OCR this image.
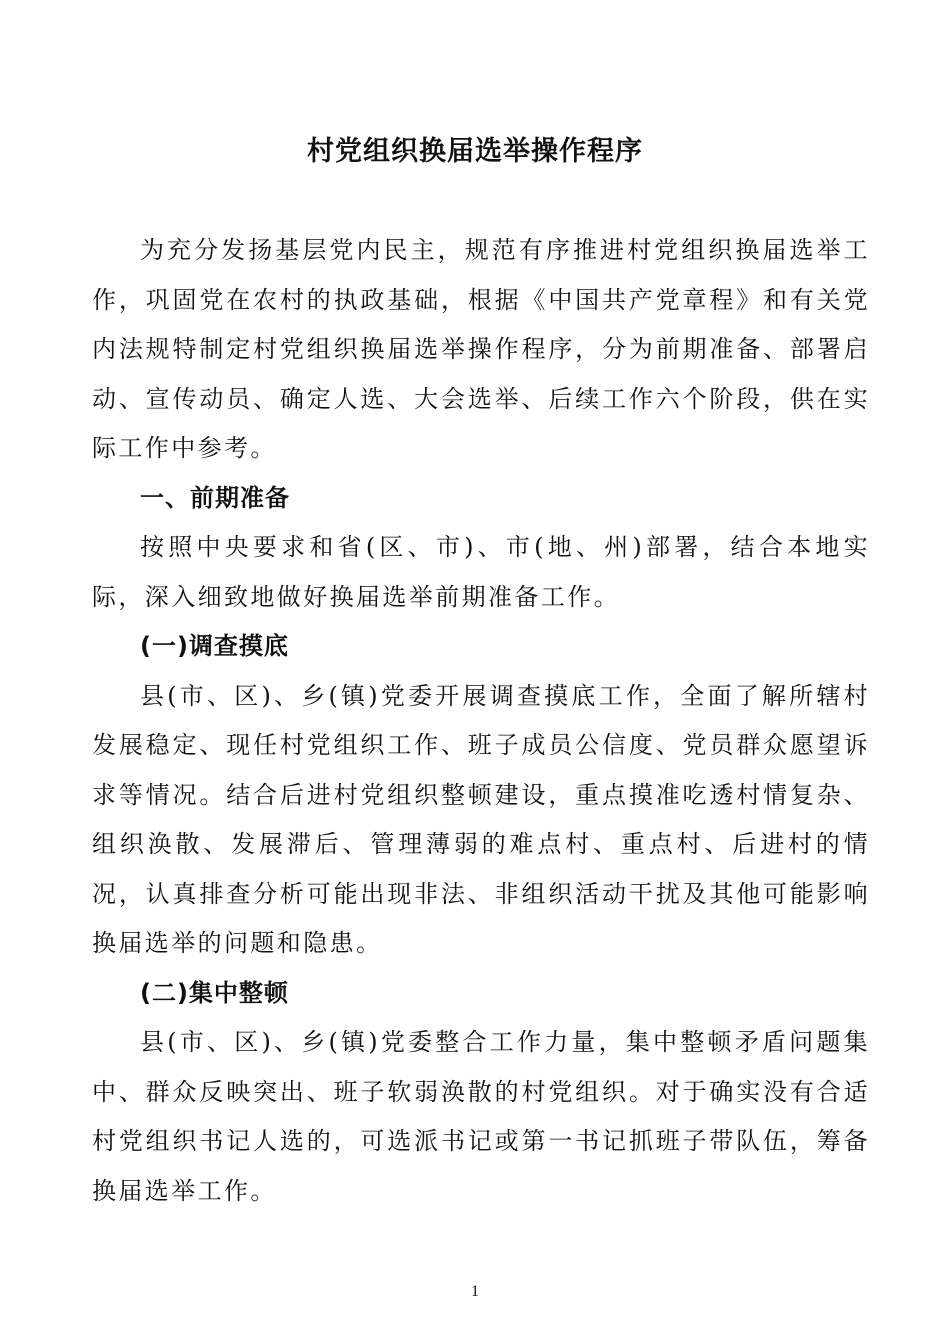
村党组织换届选举操作程序

为充分发扬基层党内民主，规范有序推进村党组织换届选举工作，巩固党在农村的执政基础，根据《中国共产党章程》和有关党内法规特制定村党组织换届选举操作程序，分为前期准备、部署启动、宣传动员、确定人选、大会选举、后续工作六个阶段，供在实际工作中参考。

一、前期准备

按照中央要求和省(区、市)、市(地、州)部署，结合本地实际，深入细致地做好换届选举前期准备工作。

(一)调查摸底

县(市、区)、乡(镇)党委开展调查摸底工作，全面了解所辖村发展稳定、现任村党组织工作、班子成员公信度、党员群众愿望诉求等情况。结合后进村党组织整顿建设，重点摸准吃透村情复杂、组织涣散、发展滞后、管理薄弱的难点村、重点村、后进村的情况，认真排查分析可能出现非法、非组织活动干扰及其他可能影响换届选举的问题和隐患。

(二)集中整顿

县(市、区)、乡(镇)党委整合工作力量，集中整顿矛盾问题集中、群众反映突出、班子软弱涣散的村党组织。对于确实没有合适村党组织书记人选的，可选派书记或第一书记抓班子带队伍，筹备换届选举工作。

1
